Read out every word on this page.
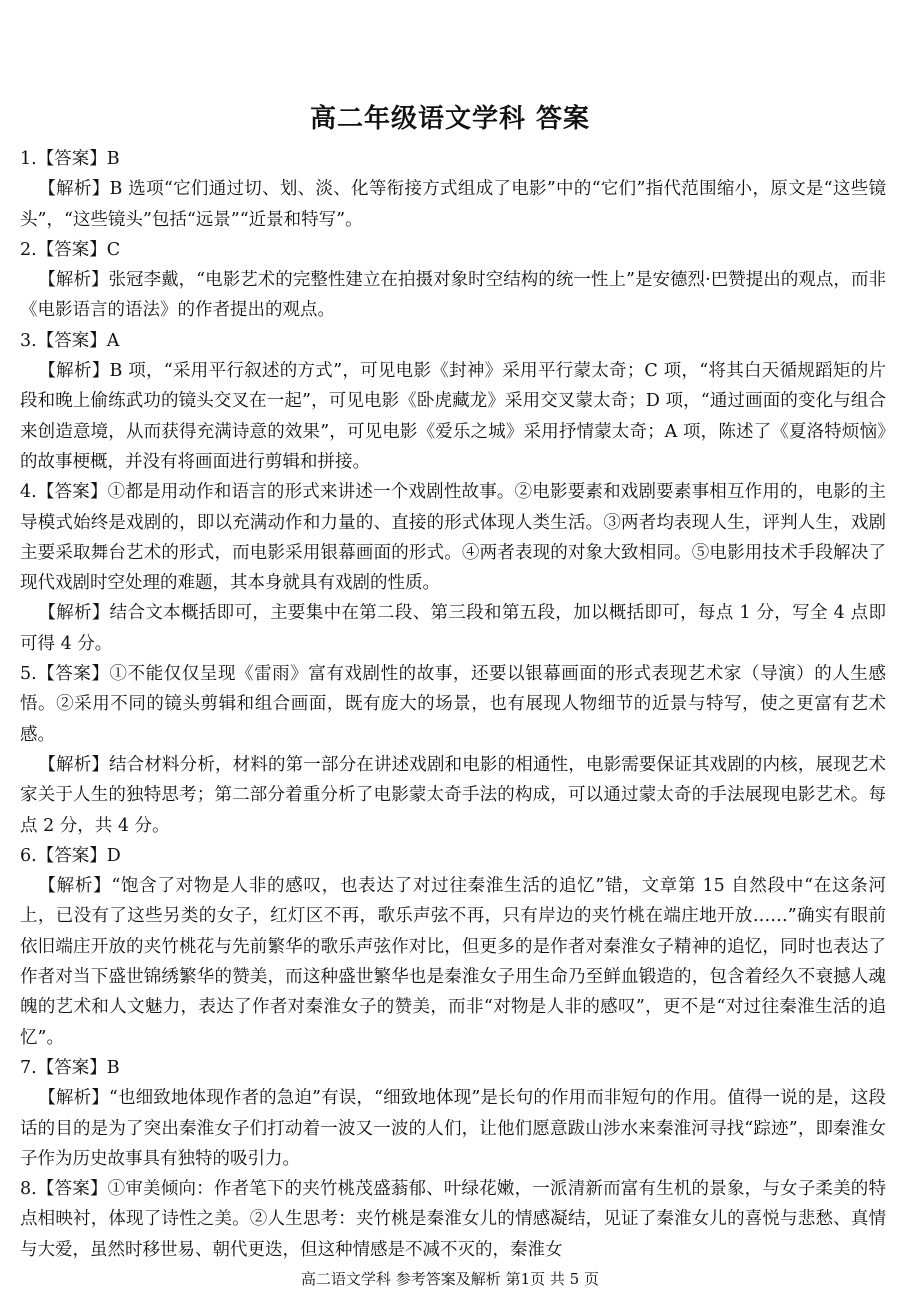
高二年级语文学科 答案

1.【答案】B

【解析】B 选项“它们通过切、划、淡、化等衔接方式组成了电影”中的“它们”指代范围缩小，原文是“这些镜头”，“这些镜头”包括“远景”“近景和特写”。

2.【答案】C

【解析】张冠李戴，“电影艺术的完整性建立在拍摄对象时空结构的统一性上”是安德烈·巴赞提出的观点，而非《电影语言的语法》的作者提出的观点。

3.【答案】A

【解析】B 项，“采用平行叙述的方式”，可见电影《封神》采用平行蒙太奇；C 项，“将其白天循规蹈矩的片段和晚上偷练武功的镜头交叉在一起”，可见电影《卧虎藏龙》采用交叉蒙太奇；D 项，“通过画面的变化与组合来创造意境，从而获得充满诗意的效果”，可见电影《爱乐之城》采用抒情蒙太奇；A 项，陈述了《夏洛特烦恼》的故事梗概，并没有将画面进行剪辑和拼接。

4.【答案】①都是用动作和语言的形式来讲述一个戏剧性故事。②电影要素和戏剧要素事相互作用的，电影的主导模式始终是戏剧的，即以充满动作和力量的、直接的形式体现人类生活。③两者均表现人生，评判人生，戏剧主要采取舞台艺术的形式，而电影采用银幕画面的形式。④两者表现的对象大致相同。⑤电影用技术手段解决了现代戏剧时空处理的难题，其本身就具有戏剧的性质。

【解析】结合文本概括即可，主要集中在第二段、第三段和第五段，加以概括即可，每点 1 分，写全 4 点即可得 4 分。

5.【答案】①不能仅仅呈现《雷雨》富有戏剧性的故事，还要以银幕画面的形式表现艺术家（导演）的人生感悟。②采用不同的镜头剪辑和组合画面，既有庞大的场景，也有展现人物细节的近景与特写，使之更富有艺术感。

【解析】结合材料分析，材料的第一部分在讲述戏剧和电影的相通性，电影需要保证其戏剧的内核，展现艺术家关于人生的独特思考；第二部分着重分析了电影蒙太奇手法的构成，可以通过蒙太奇的手法展现电影艺术。每点 2 分，共 4 分。

6.【答案】D

【解析】“饱含了对物是人非的感叹，也表达了对过往秦淮生活的追忆”错，文章第 15 自然段中“在这条河上，已没有了这些另类的女子，红灯区不再，歌乐声弦不再，只有岸边的夹竹桃在端庄地开放……”确实有眼前依旧端庄开放的夹竹桃花与先前繁华的歌乐声弦作对比，但更多的是作者对秦淮女子精神的追忆，同时也表达了作者对当下盛世锦绣繁华的赞美，而这种盛世繁华也是秦淮女子用生命乃至鲜血锻造的，包含着经久不衰撼人魂魄的艺术和人文魅力，表达了作者对秦淮女子的赞美，而非“对物是人非的感叹”，更不是“对过往秦淮生活的追忆”。

7.【答案】B

【解析】“也细致地体现作者的急迫”有误，“细致地体现”是长句的作用而非短句的作用。值得一说的是，这段话的目的是为了突出秦淮女子们打动着一波又一波的人们，让他们愿意跋山涉水来秦淮河寻找“踪迹”，即秦淮女子作为历史故事具有独特的吸引力。

8.【答案】①审美倾向：作者笔下的夹竹桃茂盛蓊郁、叶绿花嫩，一派清新而富有生机的景象，与女子柔美的特点相映衬，体现了诗性之美。②人生思考：夹竹桃是秦淮女儿的情感凝结，见证了秦淮女儿的喜悦与悲愁、真情与大爱，虽然时移世易、朝代更迭，但这种情感是不减不灭的，秦淮女

高二语文学科 参考答案及解析 第1页 共 5 页
